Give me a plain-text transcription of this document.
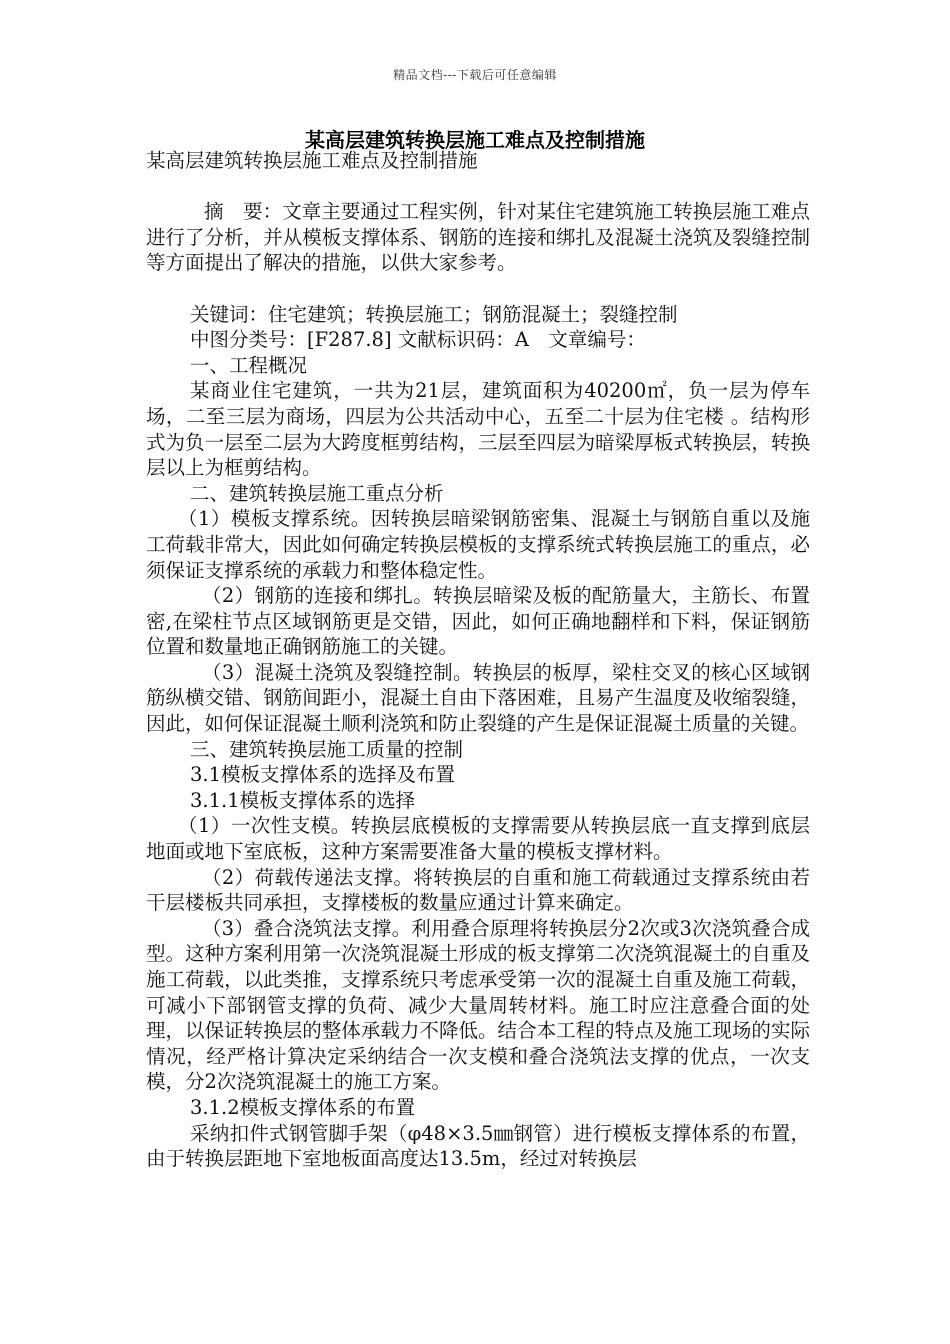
精品文档---下载后可任意编辑
某高层建筑转换层施工难点及控制措施

某高层建筑转换层施工难点及控制措施

摘　要：文章主要通过工程实例，针对某住宅建筑施工转换层施工难点进行了分析，并从模板支撑体系、钢筋的连接和绑扎及混凝土浇筑及裂缝控制等方面提出了解决的措施，以供大家参考。

关键词：住宅建筑；转换层施工；钢筋混凝土；裂缝控制

中图分类号：[F287.8] 文献标识码：A　文章编号：

一、工程概况

某商业住宅建筑，一共为21层，建筑面积为40200㎡，负一层为停车场，二至三层为商场，四层为公共活动中心，五至二十层为住宅楼 。结构形式为负一层至二层为大跨度框剪结构，三层至四层为暗梁厚板式转换层，转换层以上为框剪结构。

二、建筑转换层施工重点分析

（1）模板支撑系统。因转换层暗梁钢筋密集、混凝土与钢筋自重以及施工荷载非常大，因此如何确定转换层模板的支撑系统式转换层施工的重点，必须保证支撑系统的承载力和整体稳定性。

（2）钢筋的连接和绑扎。转换层暗梁及板的配筋量大，主筋长、布置密,在梁柱节点区域钢筋更是交错，因此，如何正确地翻样和下料，保证钢筋位置和数量地正确钢筋施工的关键。

（3）混凝土浇筑及裂缝控制。转换层的板厚，梁柱交叉的核心区域钢筋纵横交错、钢筋间距小，混凝土自由下落困难，且易产生温度及收缩裂缝，因此，如何保证混凝土顺利浇筑和防止裂缝的产生是保证混凝土质量的关键。

三、建筑转换层施工质量的控制

3.1模板支撑体系的选择及布置

3.1.1模板支撑体系的选择

（1）一次性支模。转换层底模板的支撑需要从转换层底一直支撑到底层地面或地下室底板，这种方案需要准备大量的模板支撑材料。

（2）荷载传递法支撑。将转换层的自重和施工荷载通过支撑系统由若干层楼板共同承担，支撑楼板的数量应通过计算来确定。

（3）叠合浇筑法支撑。利用叠合原理将转换层分2次或3次浇筑叠合成型。这种方案利用第一次浇筑混凝土形成的板支撑第二次浇筑混凝土的自重及施工荷载，以此类推，支撑系统只考虑承受第一次的混凝土自重及施工荷载，可减小下部钢管支撑的负荷、减少大量周转材料。施工时应注意叠合面的处理，以保证转换层的整体承载力不降低。结合本工程的特点及施工现场的实际情况，经严格计算决定采纳结合一次支模和叠合浇筑法支撑的优点，一次支模，分2次浇筑混凝土的施工方案。

3.1.2模板支撑体系的布置

采纳扣件式钢管脚手架（φ48×3.5㎜钢管）进行模板支撑体系的布置，由于转换层距地下室地板面高度达13.5m，经过对转换层
